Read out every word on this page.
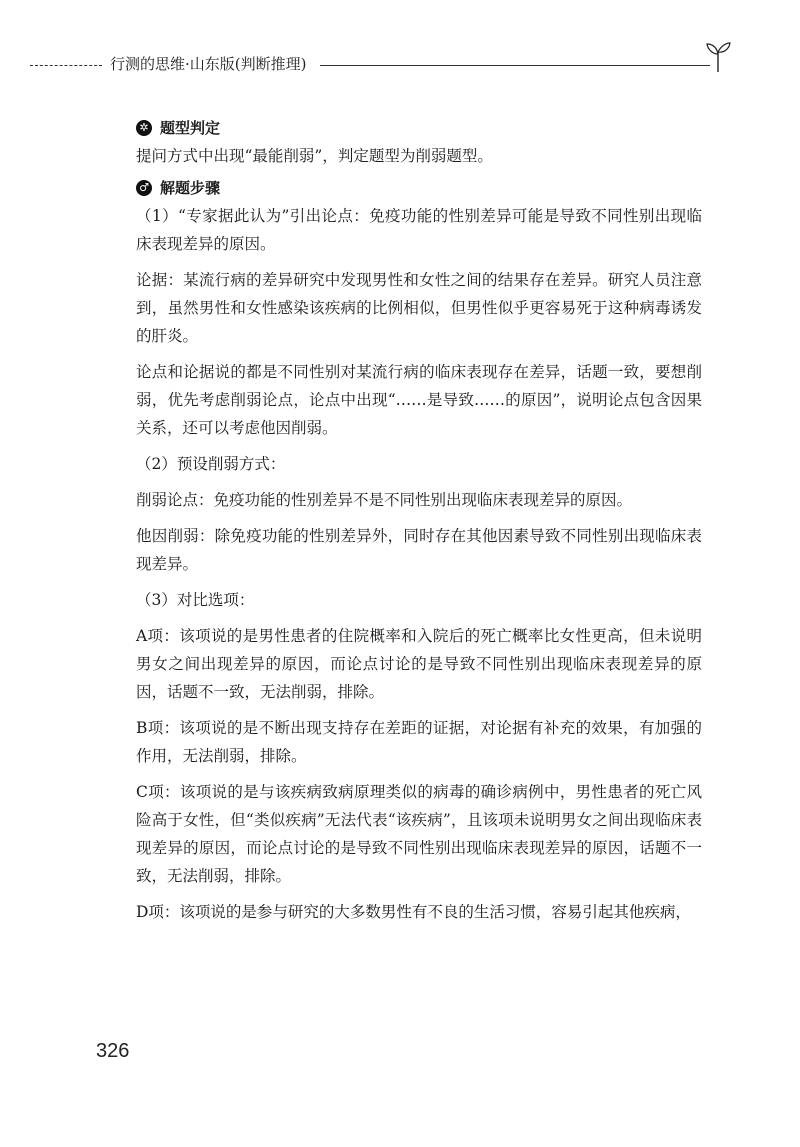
行测的思维·山东版(判断推理)
✲ 题型判定

提问方式中出现“最能削弱”，判定题型为削弱题型。

♂ 解题步骤

（1）“专家据此认为”引出论点：免疫功能的性别差异可能是导致不同性别出现临床表现差异的原因。

论据：某流行病的差异研究中发现男性和女性之间的结果存在差异。研究人员注意到，虽然男性和女性感染该疾病的比例相似，但男性似乎更容易死于这种病毒诱发的肝炎。

论点和论据说的都是不同性别对某流行病的临床表现存在差异，话题一致，要想削弱，优先考虑削弱论点，论点中出现“……是导致……的原因”，说明论点包含因果关系，还可以考虑他因削弱。

（2）预设削弱方式：

削弱论点：免疫功能的性别差异不是不同性别出现临床表现差异的原因。

他因削弱：除免疫功能的性别差异外，同时存在其他因素导致不同性别出现临床表现差异。

（3）对比选项：

A项：该项说的是男性患者的住院概率和入院后的死亡概率比女性更高，但未说明男女之间出现差异的原因，而论点讨论的是导致不同性别出现临床表现差异的原因，话题不一致，无法削弱，排除。

B项：该项说的是不断出现支持存在差距的证据，对论据有补充的效果，有加强的作用，无法削弱，排除。

C项：该项说的是与该疾病致病原理类似的病毒的确诊病例中，男性患者的死亡风险高于女性，但“类似疾病”无法代表“该疾病”，且该项未说明男女之间出现临床表现差异的原因，而论点讨论的是导致不同性别出现临床表现差异的原因，话题不一致，无法削弱，排除。

D项：该项说的是参与研究的大多数男性有不良的生活习惯，容易引起其他疾病，

326
